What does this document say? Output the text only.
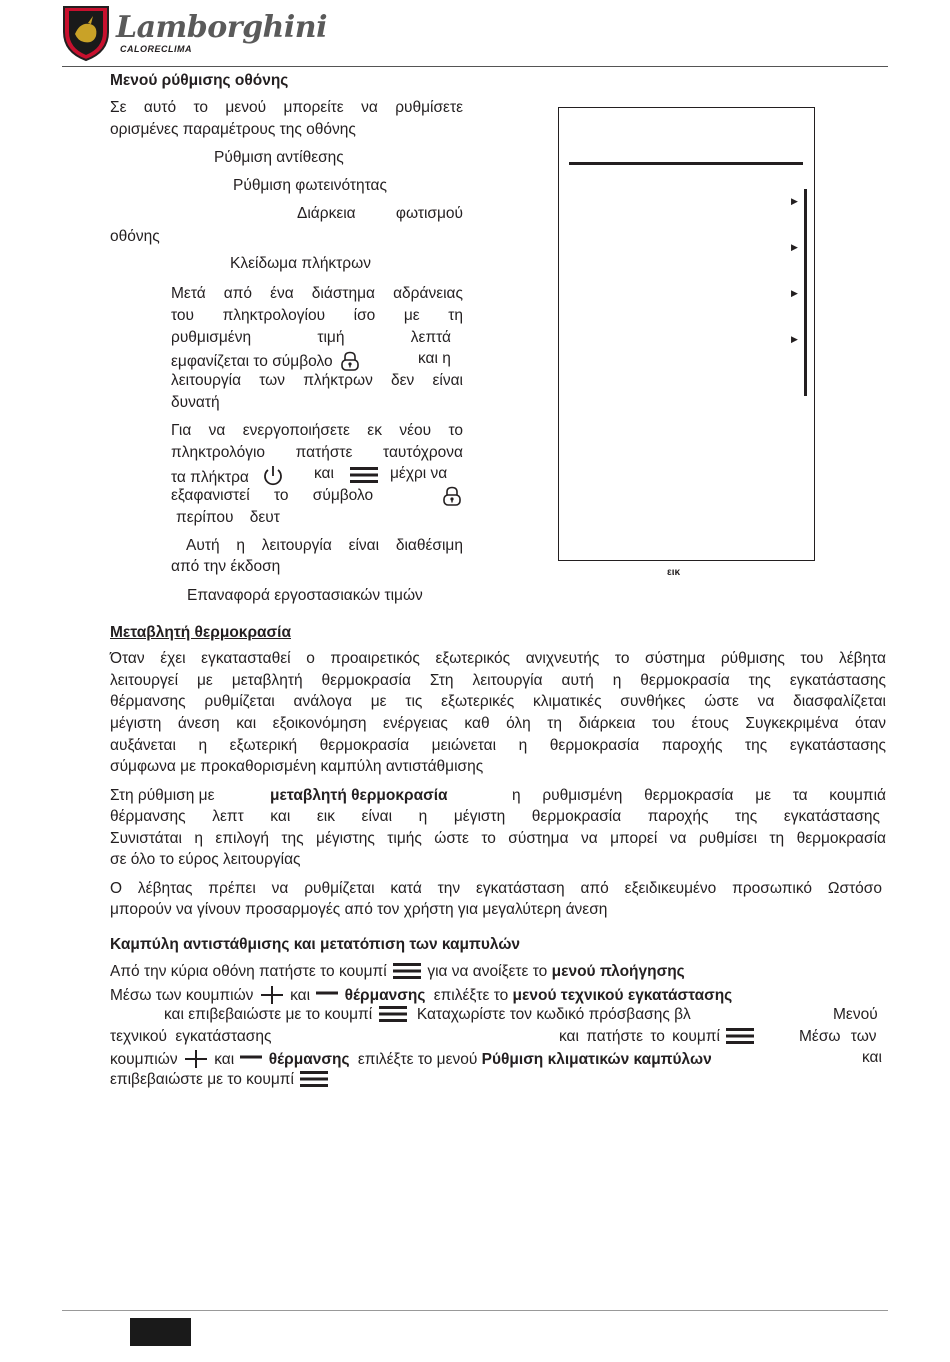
Lamborghini
CALORECLIMA
Μενού ρύθμισης οθόνης
Σε αυτό το μενού μπορείτε να ρυθμίσετε
ορισμένες παραμέτρους της οθόνης
Ρύθμιση αντίθεσης
Ρύθμιση φωτεινότητας
Διάρκεια φωτισμού
οθόνης
Κλείδωμα πλήκτρων
Μετά από ένα διάστημα αδράνειας
του πληκτρολογίου ίσο με τη
ρυθμισμένη τιμή λεπτά
εμφανίζεται το σύμβολο	και η
λειτουργία των πλήκτρων δεν είναι
δυνατή
Για να ενεργοποιήσετε εκ νέου το
πληκτρολόγιο πατήστε ταυτόχρονα
τα πλήκτρα	και	μέχρι να
εξαφανιστεί το σύμβολο
περίπου δευτ
Αυτή η λειτουργία είναι διαθέσιμη
από την έκδοση
Επαναφορά εργοστασιακών τιμών
▶
▶
▶
▶
εικ
Μεταβλητή θερμοκρασία
Όταν έχει εγκατασταθεί ο προαιρετικός εξωτερικός ανιχνευτής το σύστημα ρύθμισης του λέβητα
λειτουργεί με μεταβλητή θερμοκρασία Στη λειτουργία αυτή η θερμοκρασία της εγκατάστασης
θέρμανσης ρυθμίζεται ανάλογα με τις εξωτερικές κλιματικές συνθήκες ώστε να διασφαλίζεται
μέγιστη άνεση και εξοικονόμηση ενέργειας καθ όλη τη διάρκεια του έτους Συγκεκριμένα όταν
αυξάνεται η εξωτερική θερμοκρασία μειώνεται η θερμοκρασία παροχής της εγκατάστασης
σύμφωνα με προκαθορισμένη καμπύλη αντιστάθμισης
Στη ρύθμιση με	μεταβλητή θερμοκρασία	η ρυθμισμένη θερμοκρασία με τα κουμπιά
θέρμανσης λεπτ και εικ είναι η μέγιστη θερμοκρασία παροχής της εγκατάστασης
Συνιστάται η επιλογή της μέγιστης τιμής ώστε το σύστημα να μπορεί να ρυθμίσει τη θερμοκρασία
σε όλο το εύρος λειτουργίας
Ο λέβητας πρέπει να ρυθμίζεται κατά την εγκατάσταση από εξειδικευμένο προσωπικό Ωστόσο
μπορούν να γίνουν προσαρμογές από τον χρήστη για μεγαλύτερη άνεση
Καμπύλη αντιστάθμισης και μετατόπιση των καμπυλών
Από την κύρια οθόνη πατήστε το κουμπί	για να ανοίξετε το μενού πλοήγησης
Μέσω των κουμπιών και θέρμανσης επιλέξτε το μενού τεχνικού εγκατάστασης
και επιβεβαιώστε με το κουμπί	Καταχωρίστε τον κωδικό πρόσβασης βλ	Μενού
τεχνικού εγκατάστασης	και πατήστε το κουμπί	Μέσω των
κουμπιών και θέρμανσης επιλέξτε το μενού Ρύθμιση κλιματικών καμπύλων	και
επιβεβαιώστε με το κουμπί
